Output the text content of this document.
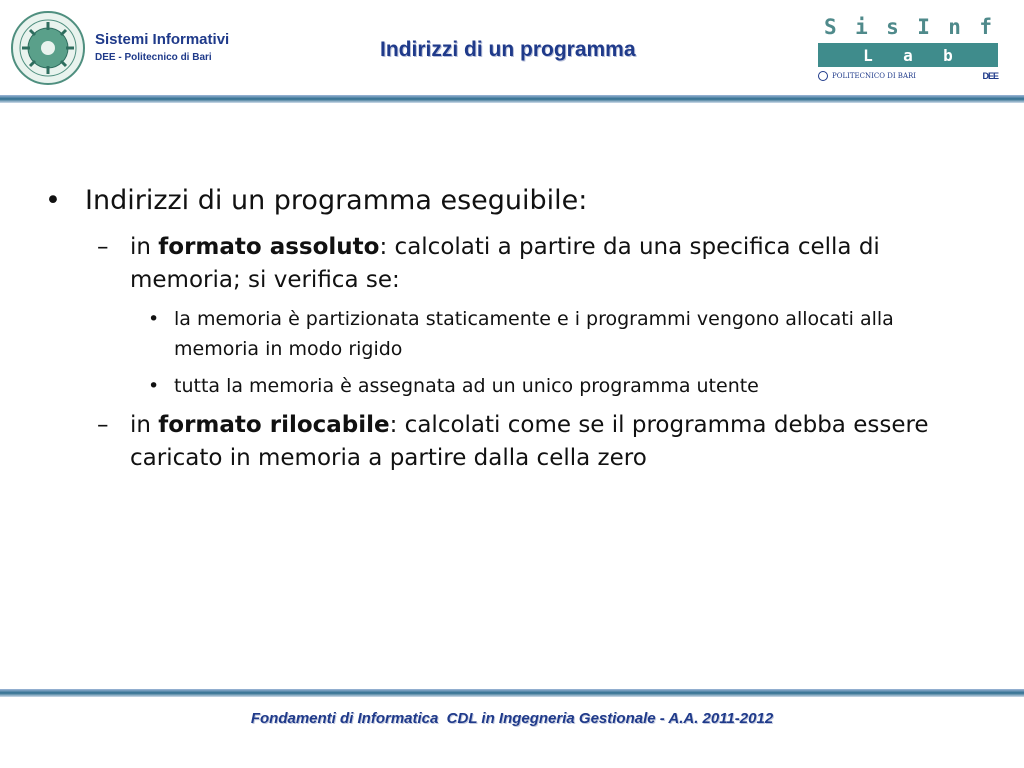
Sistemi Informativi
DEE - Politecnico di Bari	Indirizzi di un programma
S i s I n f
L a b
POLITECNICO DI BARI	DEE
• Indirizzi di un programma eseguibile:
– in formato assoluto: calcolati a partire da una specifica cella di memoria; si verifica se:
• la memoria è partizionata staticamente e i programmi vengono allocati alla memoria in modo rigido
• tutta la memoria è assegnata ad un unico programma utente
– in formato rilocabile: calcolati come se il programma debba essere caricato in memoria a partire dalla cella zero
Fondamenti di Informatica  CDL in Ingegneria Gestionale - A.A. 2011-2012
